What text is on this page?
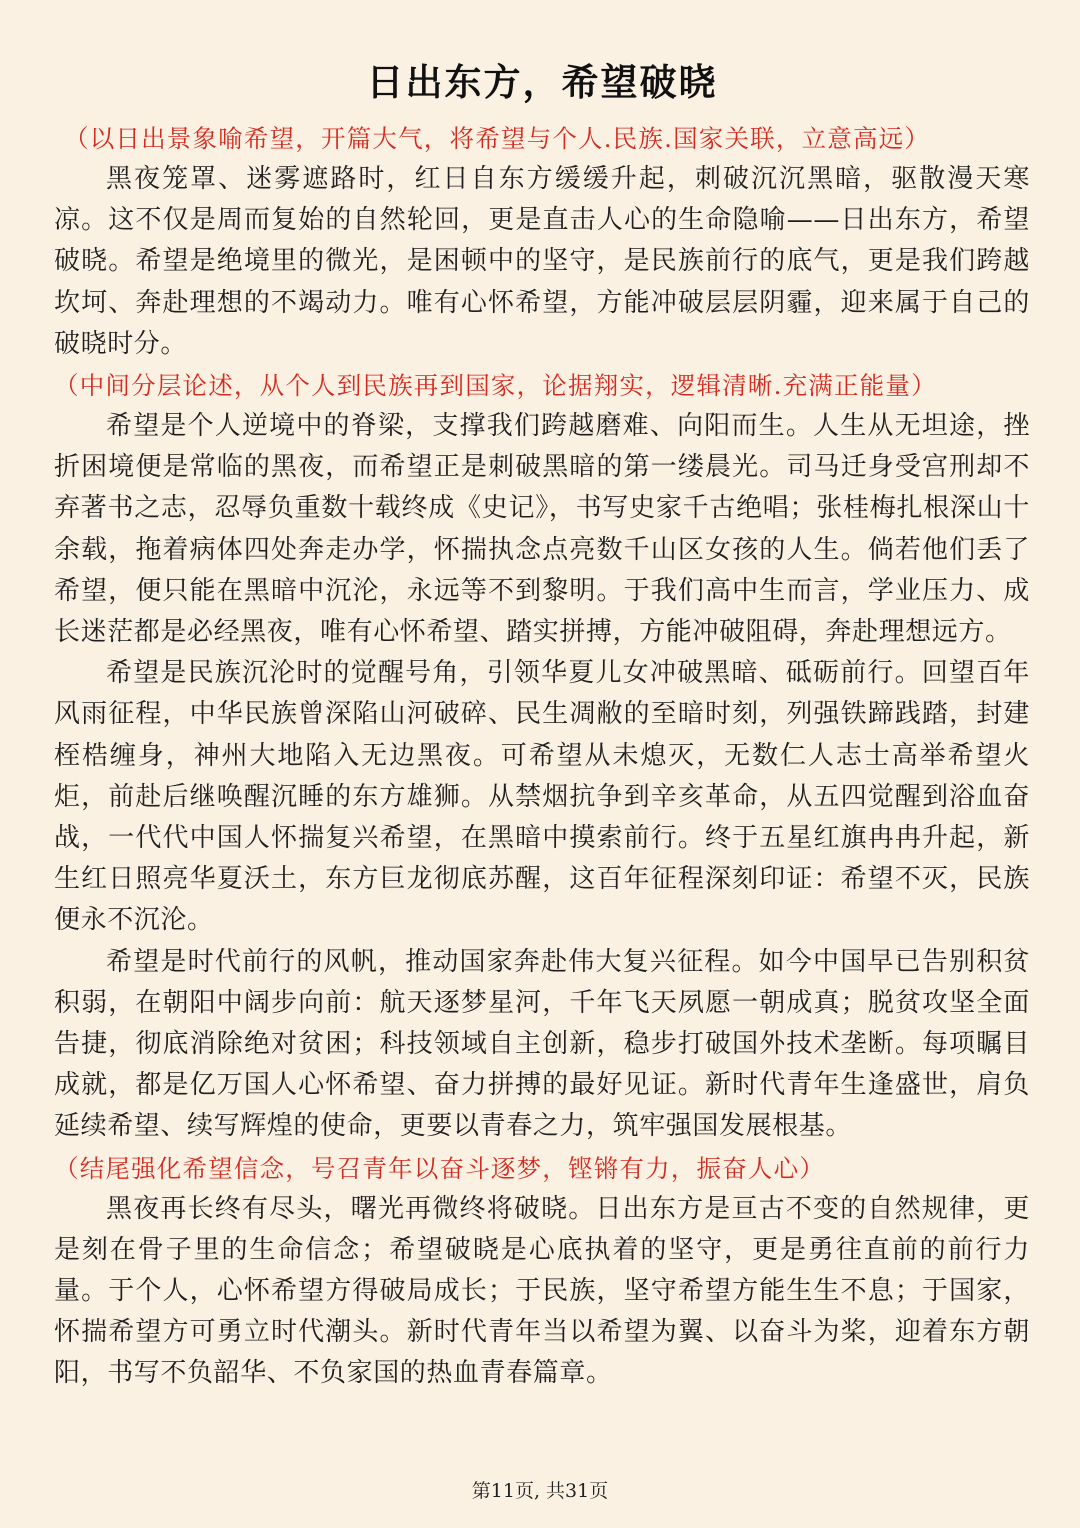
日出东方，希望破晓

（以日出景象喻希望，开篇大气，将希望与个人.民族.国家关联，立意高远）

黑夜笼罩、迷雾遮路时，红日自东方缓缓升起，刺破沉沉黑暗，驱散漫天寒凉。这不仅是周而复始的自然轮回，更是直击人心的生命隐喻——日出东方，希望破晓。希望是绝境里的微光，是困顿中的坚守，是民族前行的底气，更是我们跨越坎坷、奔赴理想的不竭动力。唯有心怀希望，方能冲破层层阴霾，迎来属于自己的破晓时分。

（中间分层论述，从个人到民族再到国家，论据翔实，逻辑清晰.充满正能量）

希望是个人逆境中的脊梁，支撑我们跨越磨难、向阳而生。人生从无坦途，挫折困境便是常临的黑夜，而希望正是刺破黑暗的第一缕晨光。司马迁身受宫刑却不弃著书之志，忍辱负重数十载终成《史记》，书写史家千古绝唱；张桂梅扎根深山十余载，拖着病体四处奔走办学，怀揣执念点亮数千山区女孩的人生。倘若他们丢了希望，便只能在黑暗中沉沦，永远等不到黎明。于我们高中生而言，学业压力、成长迷茫都是必经黑夜，唯有心怀希望、踏实拼搏，方能冲破阻碍，奔赴理想远方。

希望是民族沉沦时的觉醒号角，引领华夏儿女冲破黑暗、砥砺前行。回望百年风雨征程，中华民族曾深陷山河破碎、民生凋敝的至暗时刻，列强铁蹄践踏，封建桎梏缠身，神州大地陷入无边黑夜。可希望从未熄灭，无数仁人志士高举希望火炬，前赴后继唤醒沉睡的东方雄狮。从禁烟抗争到辛亥革命，从五四觉醒到浴血奋战，一代代中国人怀揣复兴希望，在黑暗中摸索前行。终于五星红旗冉冉升起，新生红日照亮华夏沃土，东方巨龙彻底苏醒，这百年征程深刻印证：希望不灭，民族便永不沉沦。

希望是时代前行的风帆，推动国家奔赴伟大复兴征程。如今中国早已告别积贫积弱，在朝阳中阔步向前：航天逐梦星河，千年飞天夙愿一朝成真；脱贫攻坚全面告捷，彻底消除绝对贫困；科技领域自主创新，稳步打破国外技术垄断。每项瞩目成就，都是亿万国人心怀希望、奋力拼搏的最好见证。新时代青年生逢盛世，肩负延续希望、续写辉煌的使命，更要以青春之力，筑牢强国发展根基。

（结尾强化希望信念，号召青年以奋斗逐梦，铿锵有力，振奋人心）

黑夜再长终有尽头，曙光再微终将破晓。日出东方是亘古不变的自然规律，更是刻在骨子里的生命信念；希望破晓是心底执着的坚守，更是勇往直前的前行力量。于个人，心怀希望方得破局成长；于民族，坚守希望方能生生不息；于国家，怀揣希望方可勇立时代潮头。新时代青年当以希望为翼、以奋斗为桨，迎着东方朝阳，书写不负韶华、不负家国的热血青春篇章。

第11页, 共31页
